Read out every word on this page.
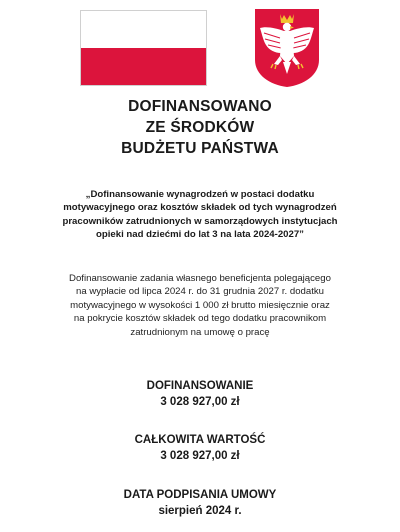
DOFINANSOWANO
ZE ŚRODKÓW
BUDŻETU PAŃSTWA
„Dofinansowanie wynagrodzeń w postaci dodatku
motywacyjnego oraz kosztów składek od tych wynagrodzeń
pracowników zatrudnionych w samorządowych instytucjach
opieki nad dziećmi do lat 3 na lata 2024-2027”
Dofinansowanie zadania własnego beneficjenta polegającego
na wypłacie od lipca 2024 r. do 31 grudnia 2027 r. dodatku
motywacyjnego w wysokości 1 000 zł brutto miesięcznie oraz
na pokrycie kosztów składek od tego dodatku pracownikom
zatrudnionym na umowę o pracę
DOFINANSOWANIE
3 028 927,00 zł
CAŁKOWITA WARTOŚĆ
3 028 927,00 zł
DATA PODPISANIA UMOWY
sierpień 2024 r.
